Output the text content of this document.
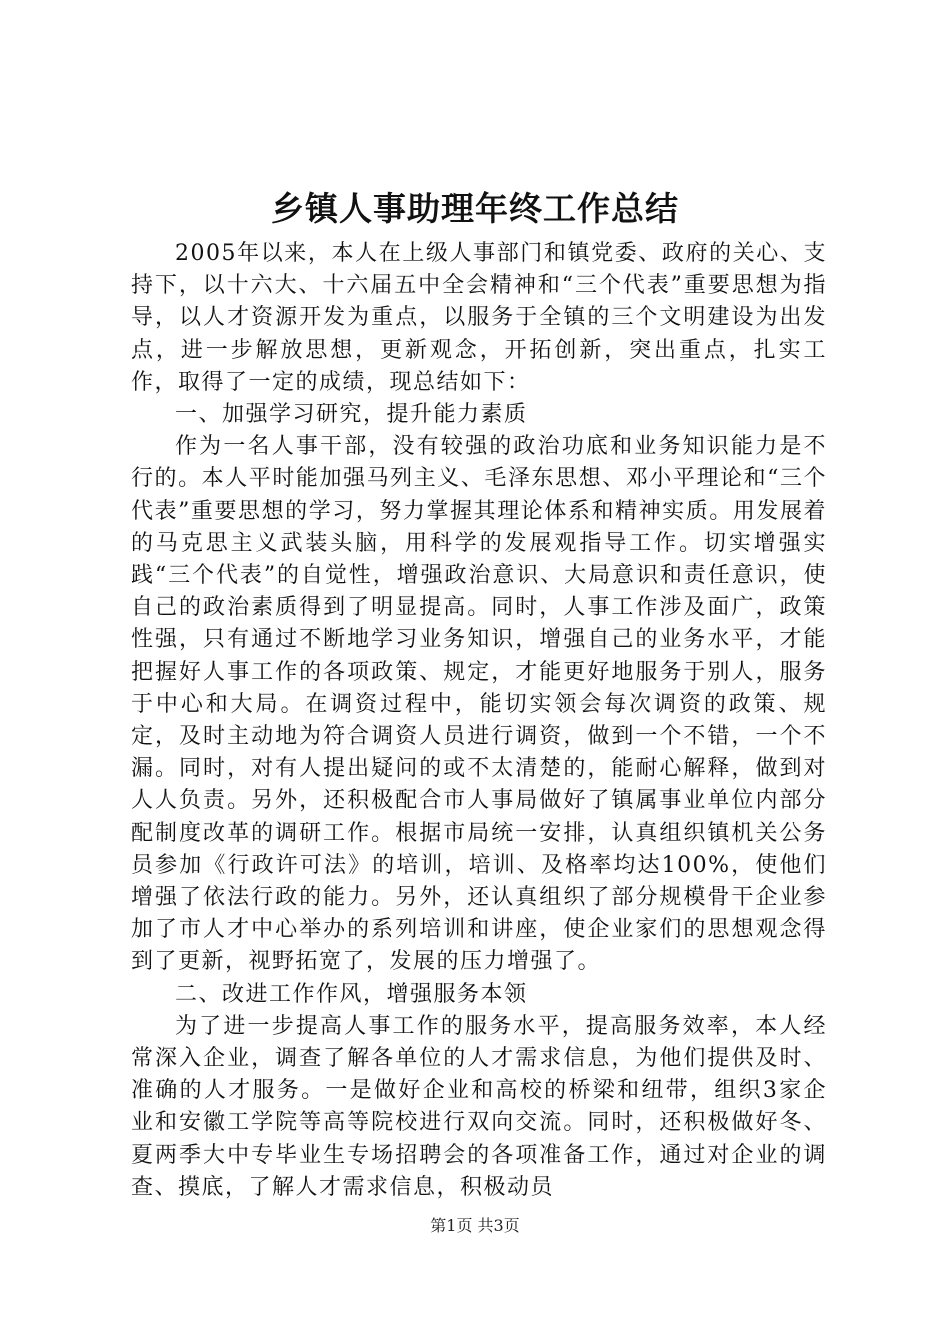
乡镇人事助理年终工作总结

2005年以来，本人在上级人事部门和镇党委、政府的关心、支持下，以十六大、十六届五中全会精神和“三个代表”重要思想为指导，以人才资源开发为重点，以服务于全镇的三个文明建设为出发点，进一步解放思想，更新观念，开拓创新，突出重点，扎实工作，取得了一定的成绩，现总结如下：

一、加强学习研究，提升能力素质

作为一名人事干部，没有较强的政治功底和业务知识能力是不行的。本人平时能加强马列主义、毛泽东思想、邓小平理论和“三个代表”重要思想的学习，努力掌握其理论体系和精神实质。用发展着的马克思主义武装头脑，用科学的发展观指导工作。切实增强实践“三个代表”的自觉性，增强政治意识、大局意识和责任意识，使自己的政治素质得到了明显提高。同时，人事工作涉及面广，政策性强，只有通过不断地学习业务知识，增强自己的业务水平，才能把握好人事工作的各项政策、规定，才能更好地服务于别人，服务于中心和大局。在调资过程中，能切实领会每次调资的政策、规定，及时主动地为符合调资人员进行调资，做到一个不错，一个不漏。同时，对有人提出疑问的或不太清楚的，能耐心解释，做到对人人负责。另外，还积极配合市人事局做好了镇属事业单位内部分配制度改革的调研工作。根据市局统一安排，认真组织镇机关公务员参加《行政许可法》的培训，培训、及格率均达100%，使他们增强了依法行政的能力。另外，还认真组织了部分规模骨干企业参加了市人才中心举办的系列培训和讲座，使企业家们的思想观念得到了更新，视野拓宽了，发展的压力增强了。

二、改进工作作风，增强服务本领

为了进一步提高人事工作的服务水平，提高服务效率，本人经常深入企业，调查了解各单位的人才需求信息，为他们提供及时、准确的人才服务。一是做好企业和高校的桥梁和纽带，组织3家企业和安徽工学院等高等院校进行双向交流。同时，还积极做好冬、夏两季大中专毕业生专场招聘会的各项准备工作，通过对企业的调查、摸底，了解人才需求信息，积极动员

第1页 共3页
